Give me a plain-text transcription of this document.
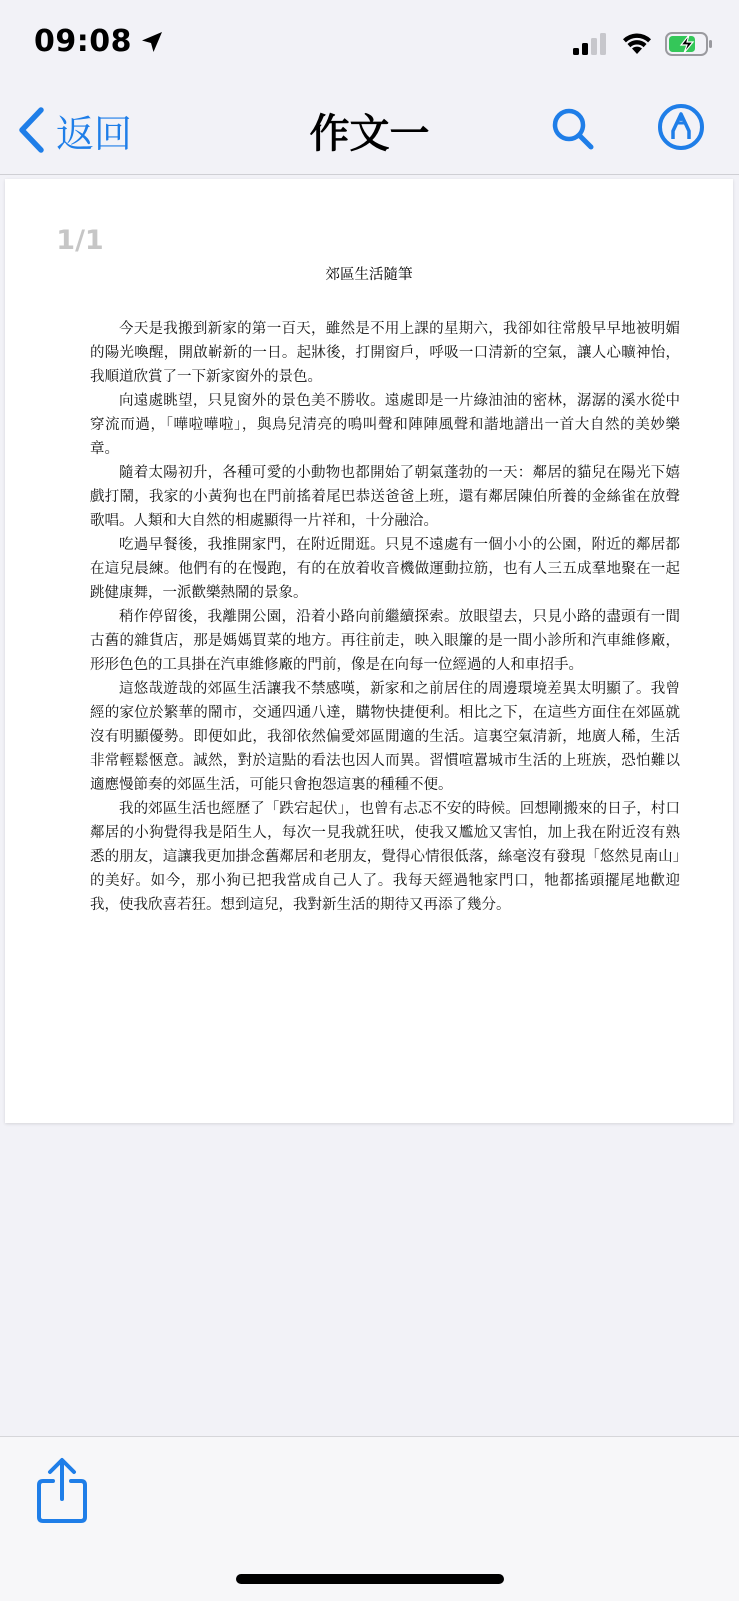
09:08
返回	作文一
1/1
郊區生活隨筆

今天是我搬到新家的第一百天，雖然是不用上課的星期六，我卻如往常般早早地被明媚的陽光喚醒，開啟嶄新的一日。起牀後，打開窗戶，呼吸一口清新的空氣，讓人心曠神怡，我順道欣賞了一下新家窗外的景色。

向遠處眺望，只見窗外的景色美不勝收。遠處即是一片綠油油的密林，潺潺的溪水從中穿流而過，「嘩啦嘩啦」，與鳥兒清亮的鳴叫聲和陣陣風聲和諧地譜出一首大自然的美妙樂章。

隨着太陽初升，各種可愛的小動物也都開始了朝氣蓬勃的一天：鄰居的貓兒在陽光下嬉戲打鬧，我家的小黃狗也在門前搖着尾巴恭送爸爸上班，還有鄰居陳伯所養的金絲雀在放聲歌唱。人類和大自然的相處顯得一片祥和，十分融洽。

吃過早餐後，我推開家門，在附近閒逛。只見不遠處有一個小小的公園，附近的鄰居都在這兒晨練。他們有的在慢跑，有的在放着收音機做運動拉筋，也有人三五成羣地聚在一起跳健康舞，一派歡樂熱鬧的景象。

稍作停留後，我離開公園，沿着小路向前繼續探索。放眼望去，只見小路的盡頭有一間古舊的雜貨店，那是媽媽買菜的地方。再往前走，映入眼簾的是一間小診所和汽車維修廠，形形色色的工具掛在汽車維修廠的門前，像是在向每一位經過的人和車招手。

這悠哉遊哉的郊區生活讓我不禁感嘆，新家和之前居住的周邊環境差異太明顯了。我曾經的家位於繁華的鬧市，交通四通八達，購物快捷便利。相比之下，在這些方面住在郊區就沒有明顯優勢。即便如此，我卻依然偏愛郊區閒適的生活。這裏空氣清新，地廣人稀，生活非常輕鬆愜意。誠然，對於這點的看法也因人而異。習慣喧囂城市生活的上班族，恐怕難以適應慢節奏的郊區生活，可能只會抱怨這裏的種種不便。

我的郊區生活也經歷了「跌宕起伏」，也曾有忐忑不安的時候。回想剛搬來的日子，村口鄰居的小狗覺得我是陌生人，每次一見我就狂吠，使我又尷尬又害怕，加上我在附近沒有熟悉的朋友，這讓我更加掛念舊鄰居和老朋友，覺得心情很低落，絲毫沒有發現「悠然見南山」的美好。如今，那小狗已把我當成自己人了。我每天經過牠家門口，牠都搖頭擺尾地歡迎我，使我欣喜若狂。想到這兒，我對新生活的期待又再添了幾分。
